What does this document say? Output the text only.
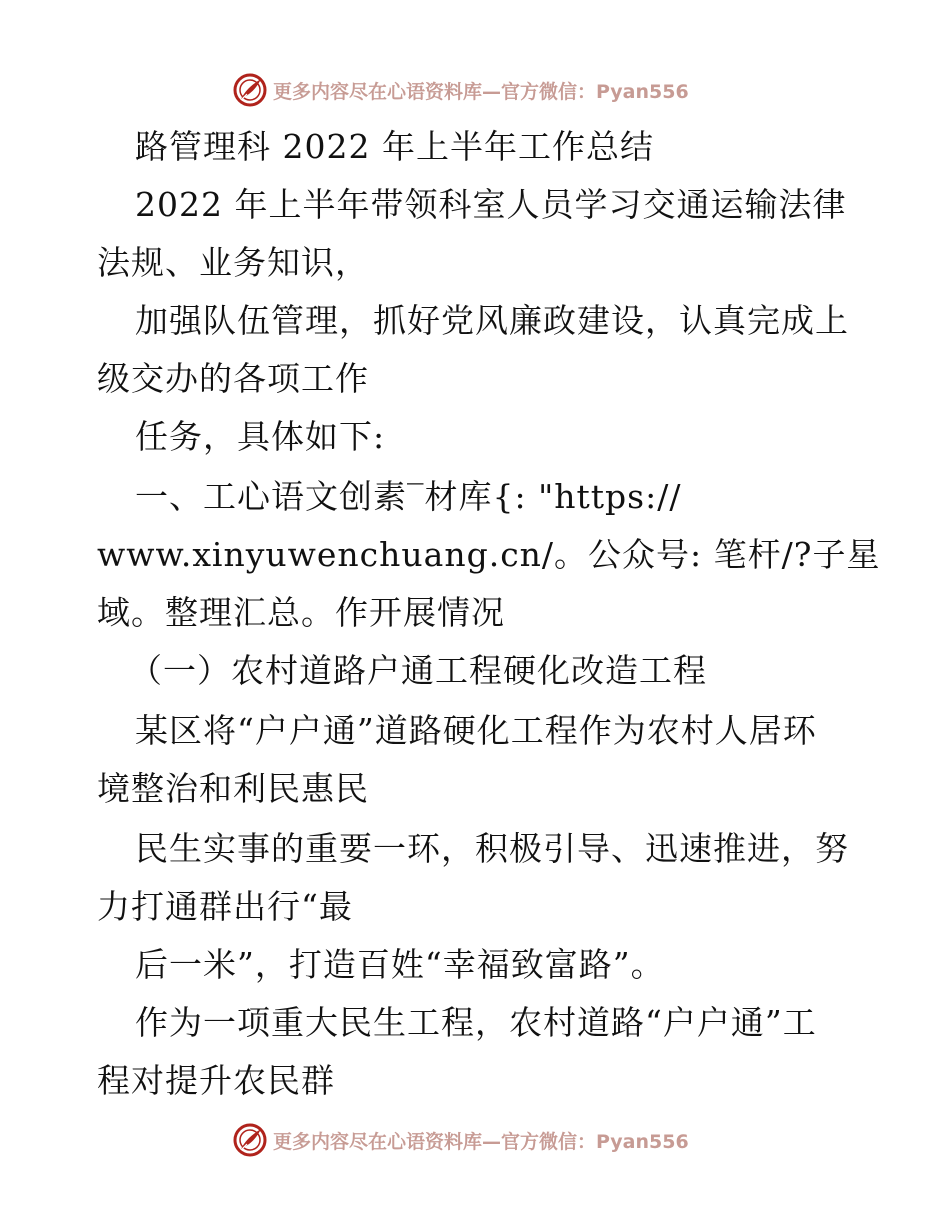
更多内容尽在心语资料库—官方微信：Pyan556
路管理科 2022 年上半年工作总结
2022 年上半年带领科室人员学习交通运输法律
法规、业务知识，
加强队伍管理，抓好党风廉政建设，认真完成上
级交办的各项工作
任务，具体如下:
一、工心语文创素‾材库{: "https://
www.xinyuwenchuang.cn/。公众号: 笔杆/?子星
域。整理汇总。作开展情况
（一）农村道路户通工程硬化改造工程
某区将“户户通”道路硬化工程作为农村人居环
境整治和利民惠民
民生实事的重要一环，积极引导、迅速推进，努
力打通群出行“最
后一米”，打造百姓“幸福致富路”。
作为一项重大民生工程，农村道路“户户通”工
程对提升农民群
更多内容尽在心语资料库—官方微信：Pyan556
